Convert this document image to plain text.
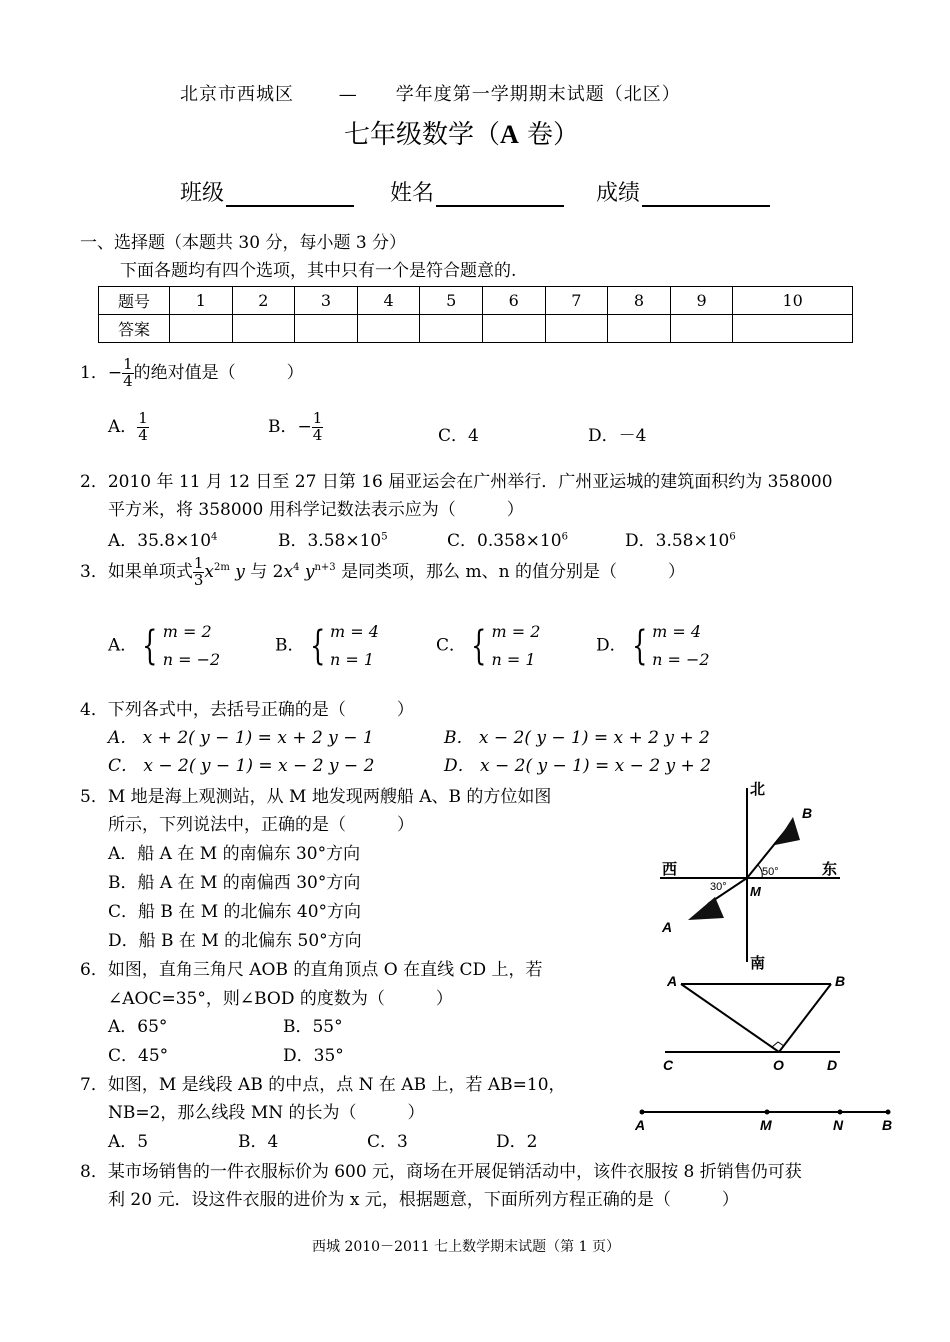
北京市西城区 　　—　　学年度第一学期期末试题（北区）
七年级数学（A 卷）
班级	姓名	成绩
一、选择题（本题共 30 分，每小题 3 分）
下面各题均有四个选项，其中只有一个是符合题意的.
题号	1	2	3	4	5	6	7	8	9	10
答案										
1．− $\frac{1}{4}$ 的绝对值是（　　　）
A． $\frac{1}{4}$	B．− $\frac{1}{4}$	C．4	D．－4
2．2010 年 11 月 12 日至 27 日第 16 届亚运会在广州举行．广州亚运城的建筑面积约为 358000
平方米，将 358000 用科学记数法表示应为（　　　）
A．$35.8\times 10^4$	B．$3.58\times 10^5$	C．$0.358\times 10^6$	D．$3.58\times 10^6$
3．如果单项式 $\frac{1}{3} x^{2m}$ y 与 $2x^4$ $y^{n+3}$ 是同类项，那么 m、n 的值分别是（　　　）
A． { m = 2
n = −2
B． { m = 4
n = 1
C． { m = 2
n = 1
D． { m = 4
n = −2
4．下列各式中，去括号正确的是（　　　）
A． x + 2( y − 1) = x + 2 y − 1	B． x − 2( y − 1) = x + 2 y + 2
C． x − 2( y − 1) = x − 2 y − 2	D． x − 2( y − 1) = x − 2 y + 2
5．M 地是海上观测站，从 M 地发现两艘船 A、B 的方位如图
所示，下列说法中，正确的是（　　　）
A．船 A 在 M 的南偏东 30°方向
B．船 A 在 M 的南偏西 30°方向
C．船 B 在 M 的北偏东 40°方向
D．船 B 在 M 的北偏东 50°方向
6．如图，直角三角尺 AOB 的直角顶点 O 在直线 CD 上，若
∠AOC=35°，则∠BOD 的度数为（　　　）
A．65°	B．55°
C．45°	D．35°
7．如图，M 是线段 AB 的中点，点 N 在 AB 上，若 AB=10，
NB=2，那么线段 MN 的长为（　　　）
A．5	B．4	C．3	D．2
8．某市场销售的一件衣服标价为 600 元，商场在开展促销活动中，该件衣服按 8 折销售仍可获
利 20 元．设这件衣服的进价为 x 元，根据题意，下面所列方程正确的是（　　　）
北
南
西	东
30°
50°
M
A
B
A	B
C	O	D
A	M	N	B
西城 2010－2011 七上数学期末试题（第 1 页）
